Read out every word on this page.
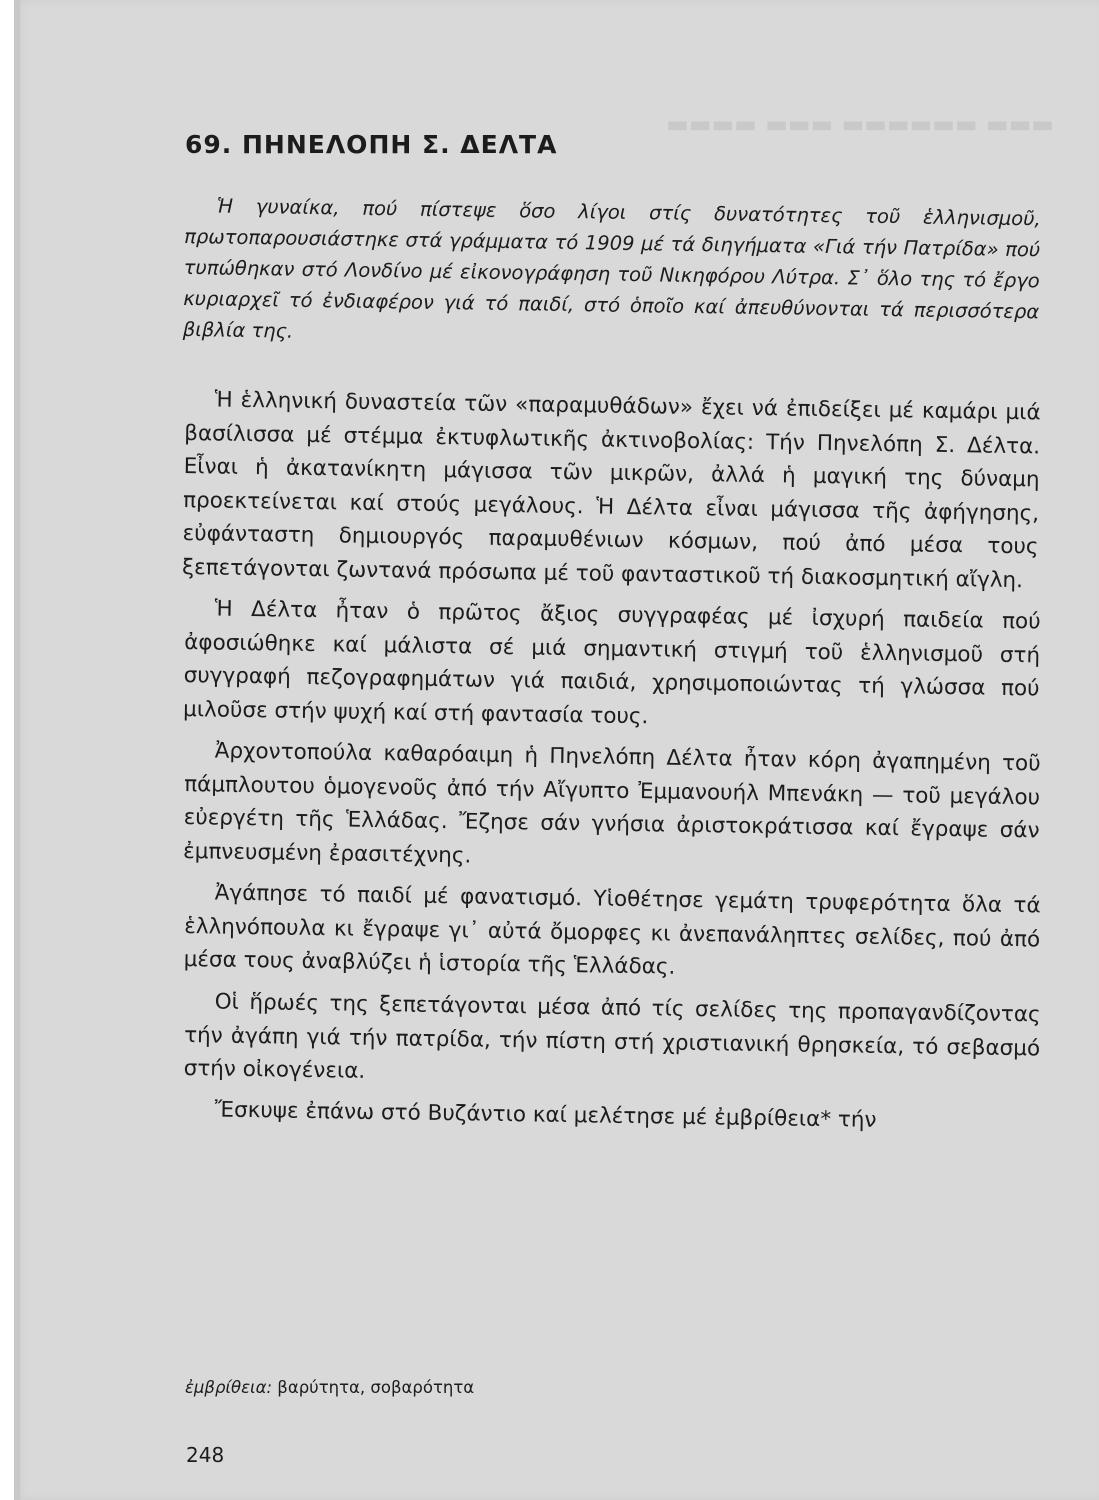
▬▬▬ ▬▬▬▬▬▬ ▬▬▬ ▬▬▬▬
69. ΠΗΝΕΛΟΠΗ Σ. ΔΕΛΤΑ

Ἡ γυναίκα, πού πίστεψε ὅσο λίγοι στίς δυνατότητες τοῦ ἑλληνισμοῦ, πρωτοπαρουσιάστηκε στά γράμματα τό 1909 μέ τά διηγήματα «Γιά τήν Πατρίδα» πού τυπώθηκαν στό Λονδίνο μέ εἰκονογράφηση τοῦ Νικηφόρου Λύτρα. Σ᾽ ὅλο της τό ἔργο κυριαρχεῖ τό ἐνδιαφέρον γιά τό παιδί, στό ὁποῖο καί ἀπευθύνονται τά περισσότερα βιβλία της.

Ἡ ἑλληνική δυναστεία τῶν «παραμυθάδων» ἔχει νά ἐπιδείξει μέ καμάρι μιά βασίλισσα μέ στέμμα ἐκτυφλωτικῆς ἀκτινοβολίας: Τήν Πηνελόπη Σ. Δέλτα. Εἶναι ἡ ἀκατανίκητη μάγισσα τῶν μικρῶν, ἀλλά ἡ μαγική της δύναμη προεκτείνεται καί στούς μεγάλους. Ἡ Δέλτα εἶναι μάγισσα τῆς ἀφήγησης, εὐφάνταστη δημιουργός παραμυθένιων κόσμων, πού ἀπό μέσα τους ξεπετάγονται ζωντανά πρόσωπα μέ τοῦ φανταστικοῦ τή διακοσμητική αἴγλη.

Ἡ Δέλτα ἦταν ὁ πρῶτος ἄξιος συγγραφέας μέ ἰσχυρή παιδεία πού ἀφοσιώθηκε καί μάλιστα σέ μιά σημαντική στιγμή τοῦ ἑλληνισμοῦ στή συγγραφή πεζογραφημάτων γιά παιδιά, χρησιμοποιώντας τή γλώσσα πού μιλοῦσε στήν ψυχή καί στή φαντασία τους.

Ἀρχοντοπούλα καθαρόαιμη ἡ Πηνελόπη Δέλτα ἦταν κόρη ἀγαπημένη τοῦ πάμπλουτου ὁμογενοῦς ἀπό τήν Αἴγυπτο Ἐμμανουήλ Μπενάκη — τοῦ μεγάλου εὐεργέτη τῆς Ἑλλάδας. Ἔζησε σάν γνήσια ἀριστοκράτισσα καί ἔγραψε σάν ἐμπνευσμένη ἐρασιτέχνης.

Ἀγάπησε τό παιδί μέ φανατισμό. Υἱοθέτησε γεμάτη τρυφερότητα ὅλα τά ἑλληνόπουλα κι ἔγραψε γι᾽ αὐτά ὄμορφες κι ἀνεπανάληπτες σελίδες, πού ἀπό μέσα τους ἀναβλύζει ἡ ἱστορία τῆς Ἑλλάδας.

Οἱ ἥρωές της ξεπετάγονται μέσα ἀπό τίς σελίδες της προπαγανδίζοντας τήν ἀγάπη γιά τήν πατρίδα, τήν πίστη στή χριστιανική θρησκεία, τό σεβασμό στήν οἰκογένεια.

Ἔσκυψε ἐπάνω στό Βυζάντιο καί μελέτησε μέ ἐμβρίθεια* τήν

ἐμβρίθεια: βαρύτητα, σοβαρότητα
248
